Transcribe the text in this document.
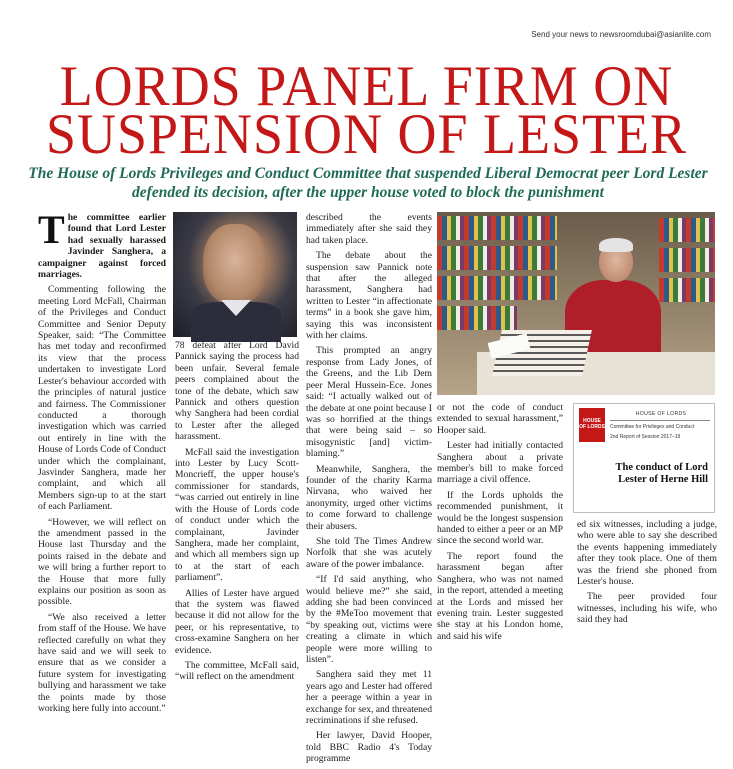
Send your news to newsroomdubai@asianlite.com
LORDS PANEL FIRM ON
SUSPENSION OF LESTER
The House of Lords Privileges and Conduct Committee that suspended Liberal Democrat peer Lord Lester defended its decision, after the upper house voted to block the punishment

The committee earlier found that Lord Lester had sexually harassed Javinder Sanghera, a campaigner against forced marriages.

Commenting following the meeting Lord McFall, Chairman of the Privileges and Conduct Committee and Senior Deputy Speaker, said: “The Committee has met today and reconfirmed its view that the process undertaken to investigate Lord Lester's behaviour accorded with the principles of natural justice and fairness. The Commissioner conducted a thorough investigation which was carried out entirely in line with the House of Lords Code of Conduct under which the complainant, Jasvinder Sanghera, made her complaint, and which all Members sign-up to at the start of each Parliament.

“However, we will reflect on the amendment passed in the House last Thursday and the points raised in the debate and we will bring a further report to the House that more fully explains our position as soon as possible.

“We also received a letter from staff of the House. We have reflected carefully on what they have said and we will seek to ensure that as we consider a future system for investigating bullying and harassment we take the points made by those working here fully into account.”

78 defeat after Lord David Pannick saying the process had been unfair. Several female peers complained about the tone of the debate, which saw Pannick and others question why Sanghera had been cordial to Lester after the alleged harassment.

McFall said the investigation into Lester by Lucy Scott-Moncrieff, the upper house's commissioner for standards, “was carried out entirely in line with the House of Lords code of conduct under which the complainant, Javinder Sanghera, made her complaint, and which all members sign up to at the start of each parliament”.

Allies of Lester have argued that the system was flawed because it did not allow for the peer, or his representative, to cross-examine Sanghera on her evidence.

The committee, McFall said, “will reflect on the amendment

described the events immediately after she said they had taken place.

The debate about the suspension saw Pannick note that after the alleged harassment, Sanghera had written to Lester “in affectionate terms” in a book she gave him, saying this was inconsistent with her claims.

This prompted an angry response from Lady Jones, of the Greens, and the Lib Dem peer Meral Hussein-Ece. Jones said: “I actually walked out of the debate at one point because I was so horrified at the things that were being said – so misogynistic [and] victim-blaming.”

Meanwhile, Sanghera, the founder of the charity Karma Nirvana, who waived her anonymity, urged other victims to come forward to challenge their abusers.

She told The Times Andrew Norfolk that she was acutely aware of the power imbalance.

“If I'd said anything, who would believe me?” she said, adding she had been convinced by the #MeToo movement that “by speaking out, victims were creating a climate in which people were more willing to listen”.

Sanghera said they met 11 years ago and Lester had offered her a peerage within a year in exchange for sex, and threatened recriminations if she refused.

Her lawyer, David Hooper, told BBC Radio 4's Today programme

or not the code of conduct extended to sexual harassment,” Hooper said.

Lester had initially contacted Sanghera about a private member's bill to make forced marriage a civil offence.

If the Lords upholds the recommended punishment, it would be the longest suspension handed to either a peer or an MP since the second world war.

The report found the harassment began after Sanghera, who was not named in the report, attended a meeting at the Lords and missed her evening train. Lester suggested she stay at his London home, and said his wife

HOUSE OF LORDS
HOUSE OF LORDS
Committee for Privileges and Conduct
2nd Report of Session 2017–19
The conduct of Lord Lester of Herne Hill

ed six witnesses, including a judge, who were able to say she described the events happening immediately after they took place. One of them was the friend she phoned from Lester's house.

The peer provided four witnesses, including his wife, who said they had
